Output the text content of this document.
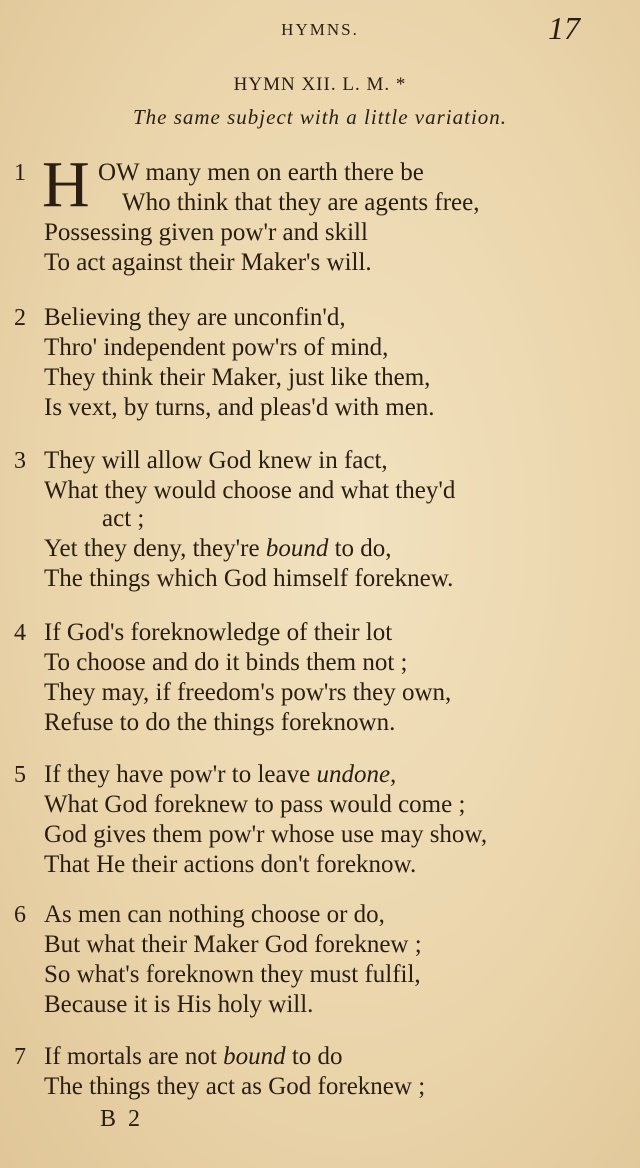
HYMNS.	17
HYMN XII. L. M. *
The same subject with a little variation.
1 H OW many men on earth there be
Who think that they are agents free,
Possessing given pow'r and skill
To act against their Maker's will.
2 Believing they are unconfin'd,
Thro' independent pow'rs of mind,
They think their Maker, just like them,
Is vext, by turns, and pleas'd with men.
3 They will allow God knew in fact,
What they would choose and what they'd
act ;
Yet they deny, they're bound to do,
The things which God himself foreknew.
4 If God's foreknowledge of their lot
To choose and do it binds them not ;
They may, if freedom's pow'rs they own,
Refuse to do the things foreknown.
5 If they have pow'r to leave undone,
What God foreknew to pass would come ;
God gives them pow'r whose use may show,
That He their actions don't foreknow.
6 As men can nothing choose or do,
But what their Maker God foreknew ;
So what's foreknown they must fulfil,
Because it is His holy will.
7 If mortals are not bound to do
The things they act as God foreknew ;
B 2
